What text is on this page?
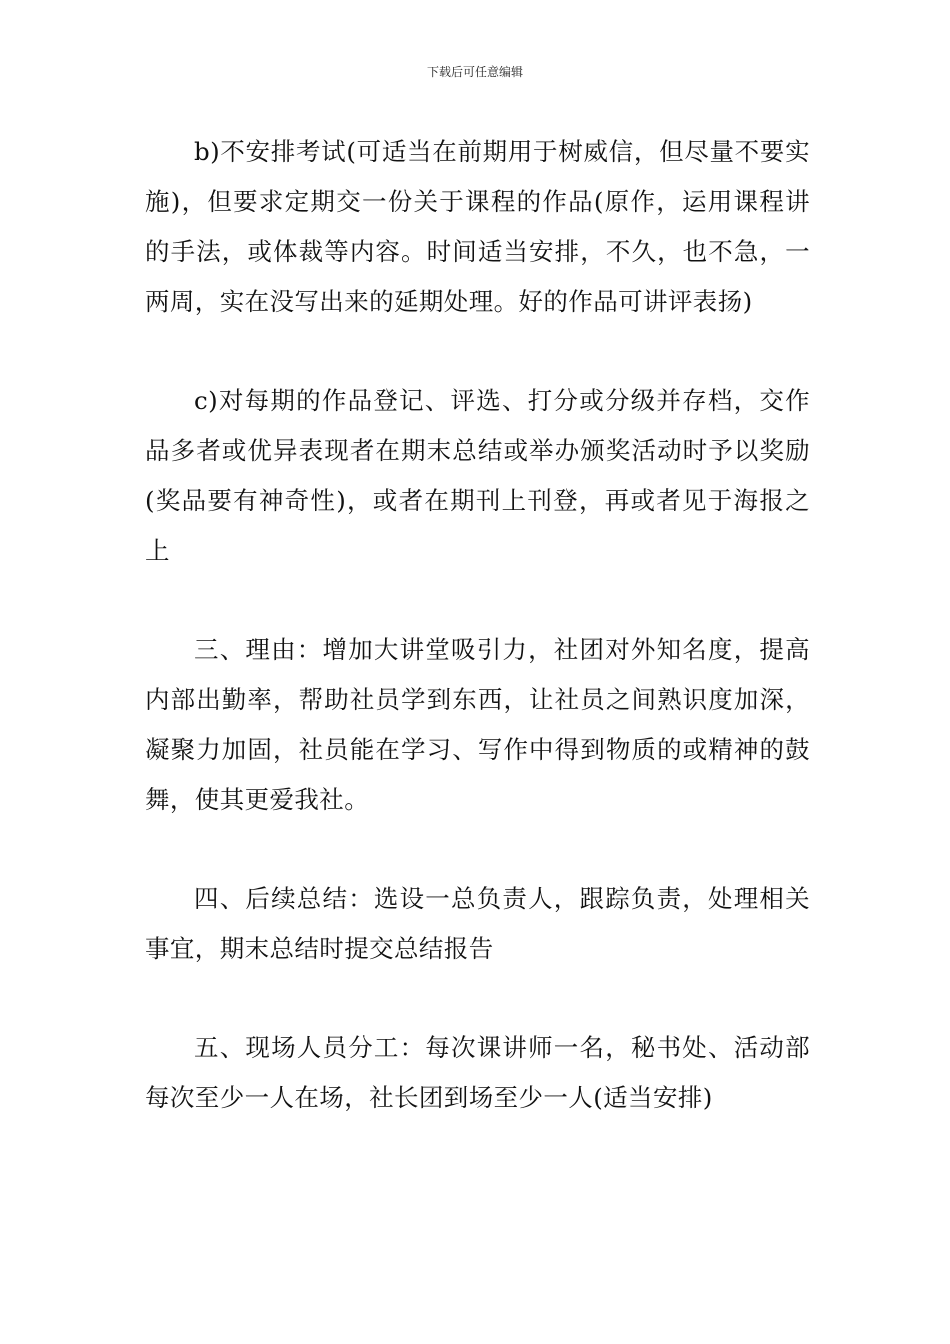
下载后可任意编辑

b)不安排考试(可适当在前期用于树威信，但尽量不要实施)，但要求定期交一份关于课程的作品(原作，运用课程讲的手法，或体裁等内容。时间适当安排，不久，也不急，一两周，实在没写出来的延期处理。好的作品可讲评表扬)

c)对每期的作品登记、评选、打分或分级并存档，交作品多者或优异表现者在期末总结或举办颁奖活动时予以奖励(奖品要有神奇性)，或者在期刊上刊登，再或者见于海报之上

三、理由：增加大讲堂吸引力，社团对外知名度，提高内部出勤率，帮助社员学到东西，让社员之间熟识度加深，凝聚力加固，社员能在学习、写作中得到物质的或精神的鼓舞，使其更爱我社。

四、后续总结：选设一总负责人，跟踪负责，处理相关事宜，期末总结时提交总结报告

五、现场人员分工：每次课讲师一名，秘书处、活动部每次至少一人在场，社长团到场至少一人(适当安排)
